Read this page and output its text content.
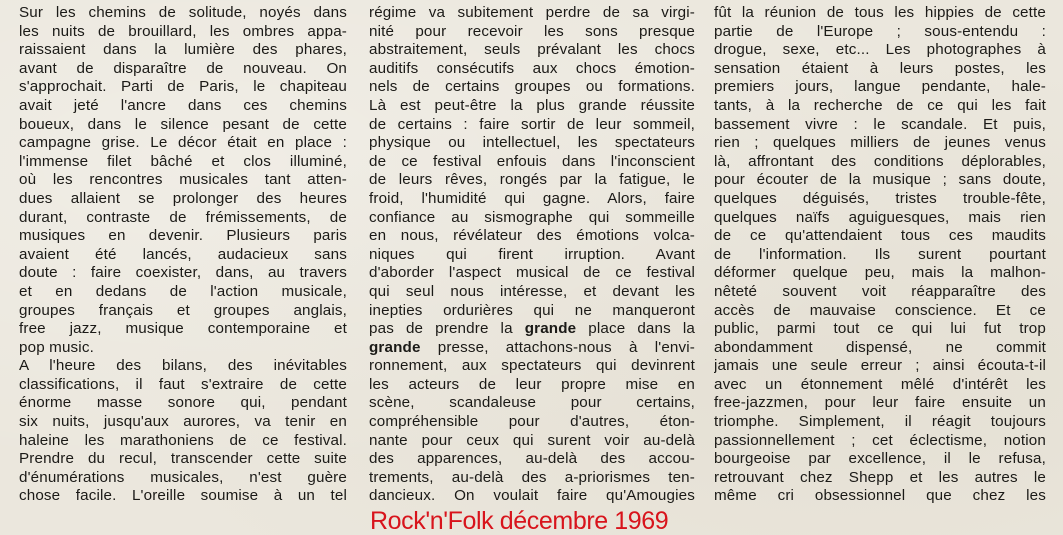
Sur les chemins de solitude, noyés dans
les nuits de brouillard, les ombres appa-
raissaient dans la lumière des phares,
avant de disparaître de nouveau. On
s'approchait. Parti de Paris, le chapiteau
avait jeté l'ancre dans ces chemins
boueux, dans le silence pesant de cette
campagne grise. Le décor était en place :
l'immense filet bâché et clos illuminé,
où les rencontres musicales tant atten-
dues allaient se prolonger des heures
durant, contraste de frémissements, de
musiques en devenir. Plusieurs paris
avaient été lancés, audacieux sans
doute : faire coexister, dans, au travers
et en dedans de l'action musicale,
groupes français et groupes anglais,
free jazz, musique contemporaine et
pop music.
A l'heure des bilans, des inévitables
classifications, il faut s'extraire de cette
énorme masse sonore qui, pendant
six nuits, jusqu'aux aurores, va tenir en
haleine les marathoniens de ce festival.
Prendre du recul, transcender cette suite
d'énumérations musicales, n'est guère
chose facile. L'oreille soumise à un tel
régime va subitement perdre de sa virgi-
nité pour recevoir les sons presque
abstraitement, seuls prévalant les chocs
auditifs consécutifs aux chocs émotion-
nels de certains groupes ou formations.
Là est peut-être la plus grande réussite
de certains : faire sortir de leur sommeil,
physique ou intellectuel, les spectateurs
de ce festival enfouis dans l'inconscient
de leurs rêves, rongés par la fatigue, le
froid, l'humidité qui gagne. Alors, faire
confiance au sismographe qui sommeille
en nous, révélateur des émotions volca-
niques qui firent irruption. Avant
d'aborder l'aspect musical de ce festival
qui seul nous intéresse, et devant les
inepties ordurières qui ne manqueront
pas de prendre la grande place dans la
grande presse, attachons-nous à l'envi-
ronnement, aux spectateurs qui devinrent
les acteurs de leur propre mise en
scène, scandaleuse pour certains,
compréhensible pour d'autres, éton-
nante pour ceux qui surent voir au-delà
des apparences, au-delà des accou-
trements, au-delà des a-priorismes ten-
dancieux. On voulait faire qu'Amougies
fût la réunion de tous les hippies de cette
partie de l'Europe ; sous-entendu :
drogue, sexe, etc... Les photographes à
sensation étaient à leurs postes, les
premiers jours, langue pendante, hale-
tants, à la recherche de ce qui les fait
bassement vivre : le scandale. Et puis,
rien ; quelques milliers de jeunes venus
là, affrontant des conditions déplorables,
pour écouter de la musique ; sans doute,
quelques déguisés, tristes trouble-fête,
quelques naïfs aguiguesques, mais rien
de ce qu'attendaient tous ces maudits
de l'information. Ils surent pourtant
déformer quelque peu, mais la malhon-
nêteté souvent voit réapparaître des
accès de mauvaise conscience. Et ce
public, parmi tout ce qui lui fut trop
abondamment dispensé, ne commit
jamais une seule erreur ; ainsi écouta-t-il
avec un étonnement mêlé d'intérêt les
free-jazzmen, pour leur faire ensuite un
triomphe. Simplement, il réagit toujours
passionnellement ; cet éclectisme, notion
bourgeoise par excellence, il le refusa,
retrouvant chez Shepp et les autres le
même cri obsessionnel que chez les
Rock'n'Folk décembre 1969
